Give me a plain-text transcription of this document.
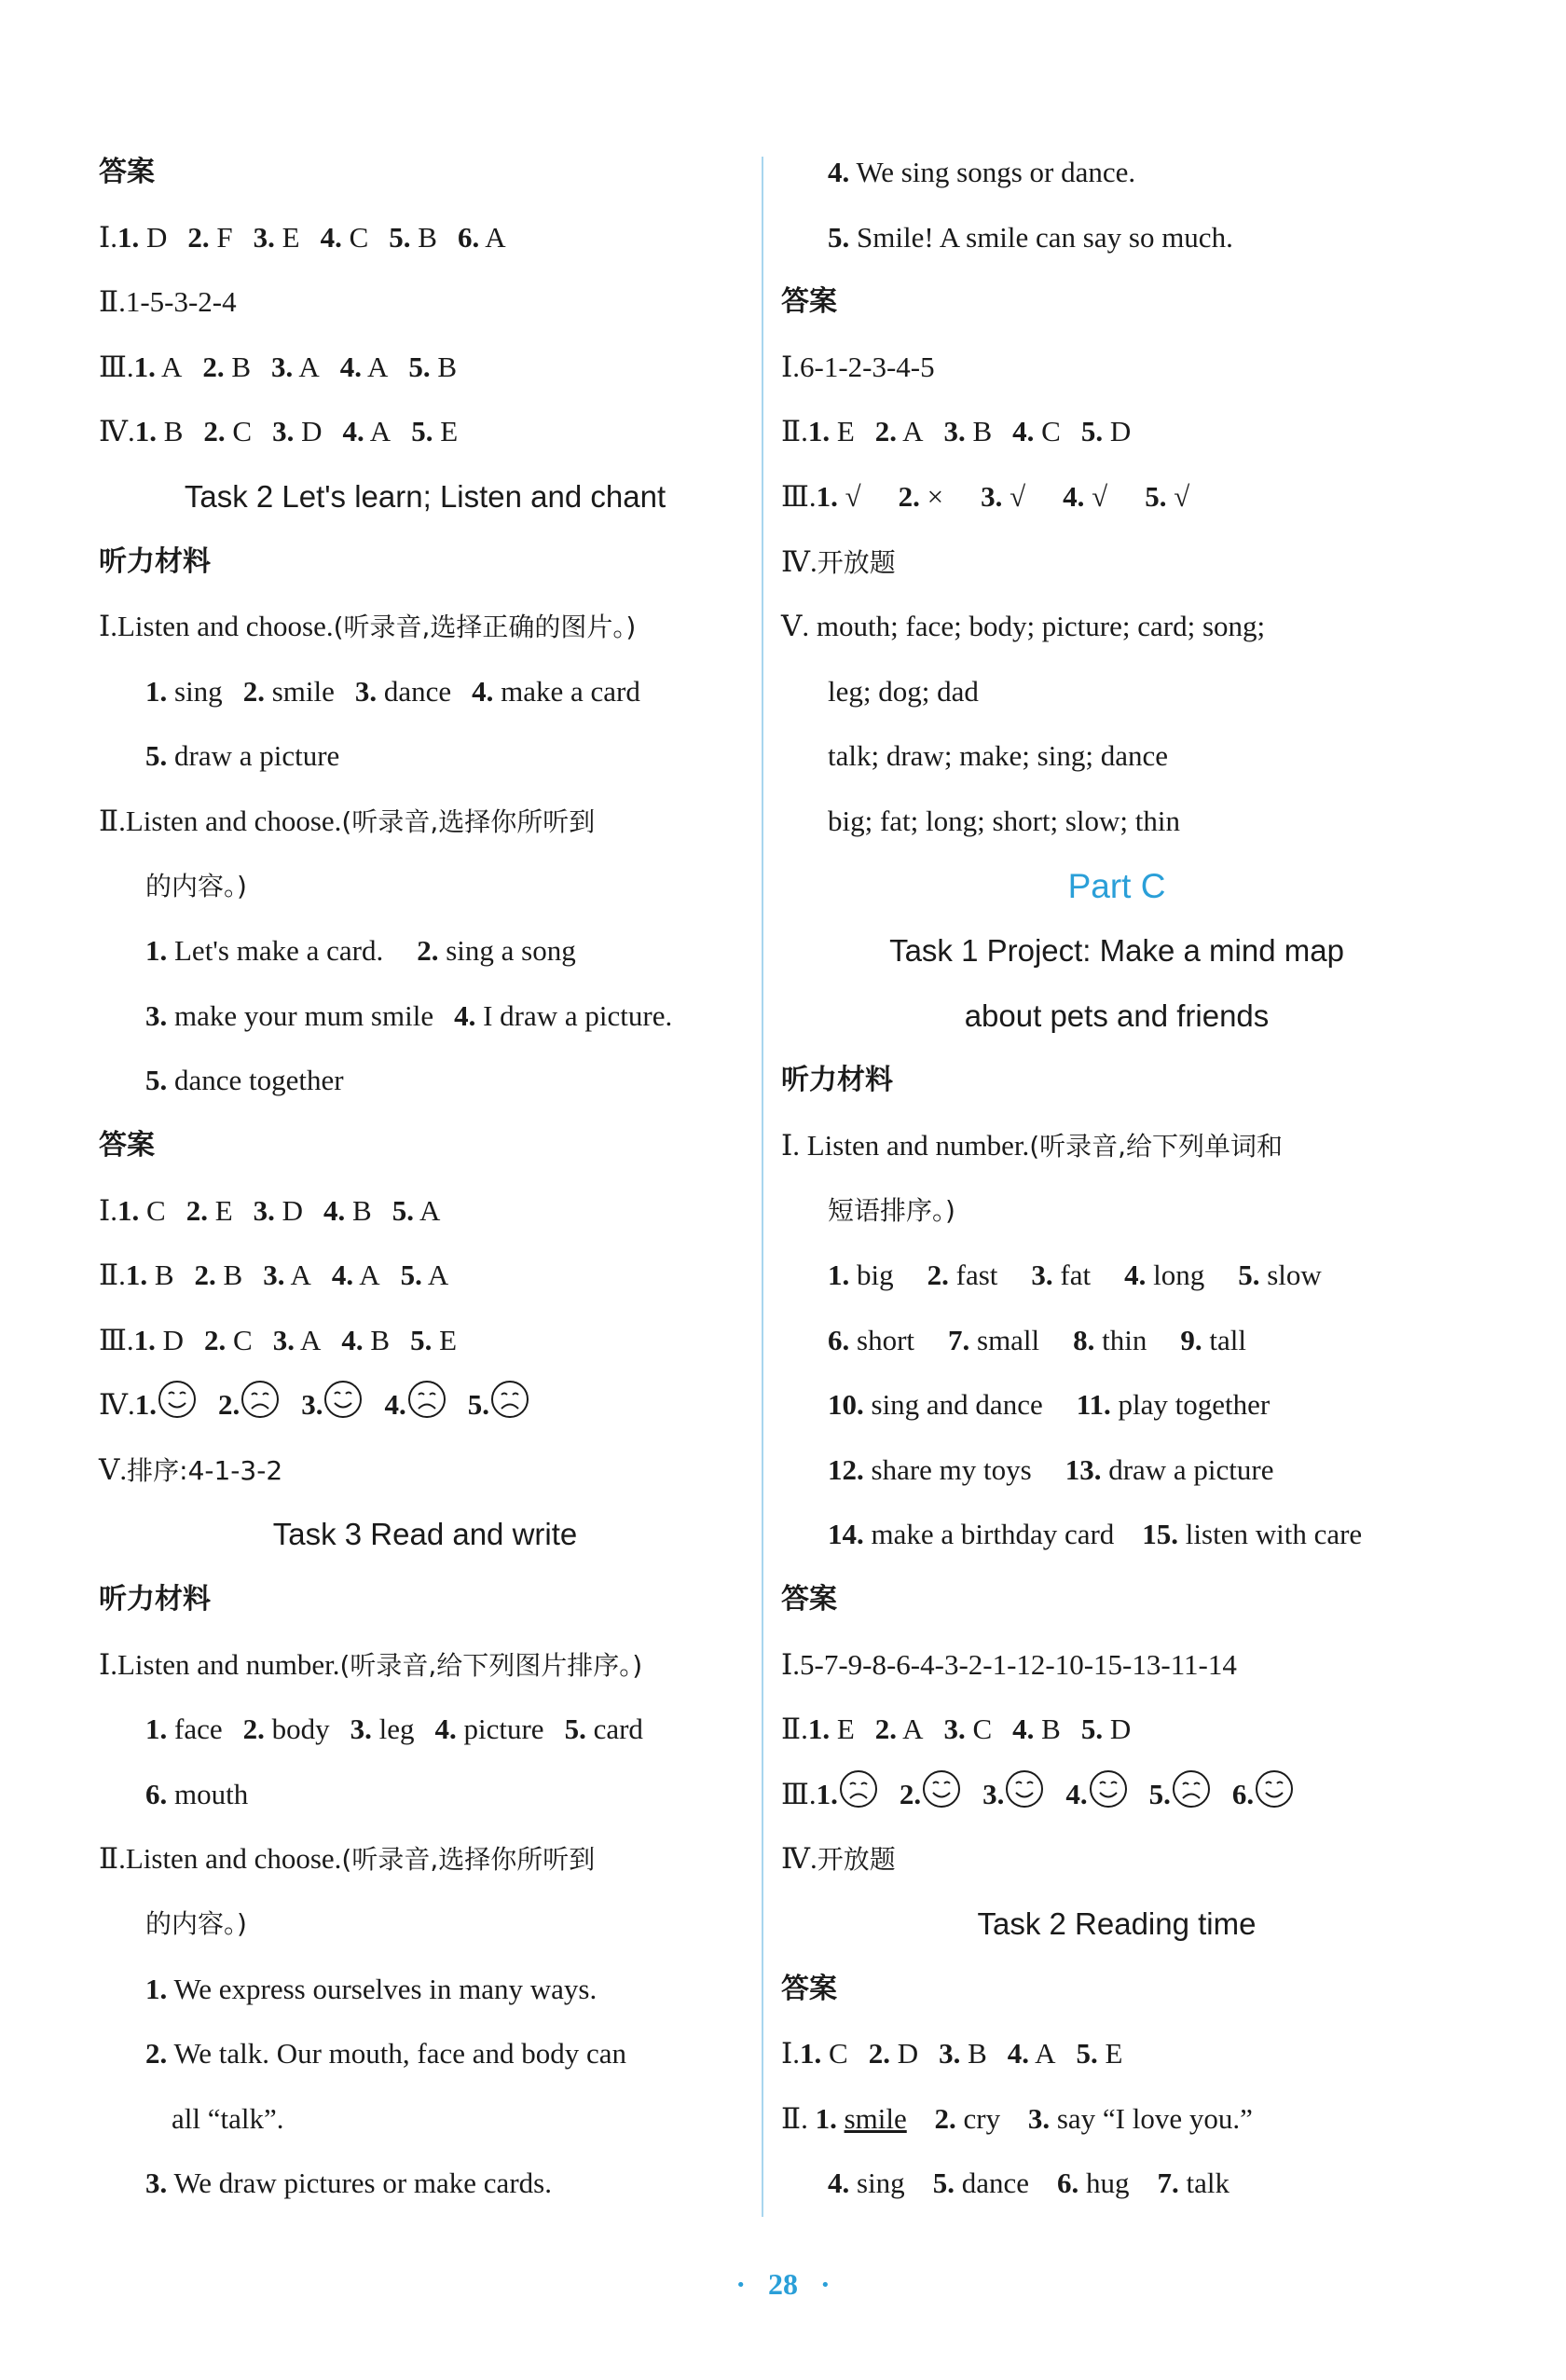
答案
Ⅰ.1. D 2. F 3. E 4. C 5. B 6. A
Ⅱ.1-5-3-2-4
Ⅲ.1. A 2. B 3. A 4. A 5. B
Ⅳ.1. B 2. C 3. D 4. A 5. E
Task 2 Let's learn; Listen and chant
听力材料
Ⅰ.Listen and choose.(听录音,选择正确的图片。)
1. sing 2. smile 3. dance 4. make a card
5. draw a picture
Ⅱ.Listen and choose.(听录音,选择你所听到
的内容。)
1. Let's make a card. 2. sing a song
3. make your mum smile 4. I draw a picture.
5. dance together
答案
Ⅰ.1. C 2. E 3. D 4. B 5. A
Ⅱ.1. B 2. B 3. A 4. A 5. A
Ⅲ.1. D 2. C 3. A 4. B 5. E
Ⅳ.1. 2. 3. 4. 5.
Ⅴ.排序:4-1-3-2
Task 3 Read and write
听力材料
Ⅰ.Listen and number.(听录音,给下列图片排序。)
1. face 2. body 3. leg 4. picture 5. card
6. mouth
Ⅱ.Listen and choose.(听录音,选择你所听到
的内容。)
1. We express ourselves in many ways.
2. We talk. Our mouth, face and body can
all “talk”.
3. We draw pictures or make cards.
4. We sing songs or dance.
5. Smile! A smile can say so much.
答案
Ⅰ.6-1-2-3-4-5
Ⅱ.1. E 2. A 3. B 4. C 5. D
Ⅲ.1. √ 2. × 3. √ 4. √ 5. √
Ⅳ.开放题
Ⅴ. mouth; face; body; picture; card; song;
leg; dog; dad
talk; draw; make; sing; dance
big; fat; long; short; slow; thin
Part C
Task 1 Project: Make a mind map
about pets and friends
听力材料
Ⅰ. Listen and number.(听录音,给下列单词和
短语排序。)
1. big 2. fast 3. fat 4. long 5. slow
6. short 7. small 8. thin 9. tall
10. sing and dance 11. play together
12. share my toys 13. draw a picture
14. make a birthday card 15. listen with care
答案
Ⅰ.5-7-9-8-6-4-3-2-1-12-10-15-13-11-14
Ⅱ.1. E 2. A 3. C 4. B 5. D
Ⅲ.1. 2. 3. 4. 5. 6.
Ⅳ.开放题
Task 2 Reading time
答案
Ⅰ.1. C 2. D 3. B 4. A 5. E
Ⅱ. 1. smile 2. cry 3. say “I love you.”
4. sing 5. dance 6. hug 7. talk
· 28 ·
